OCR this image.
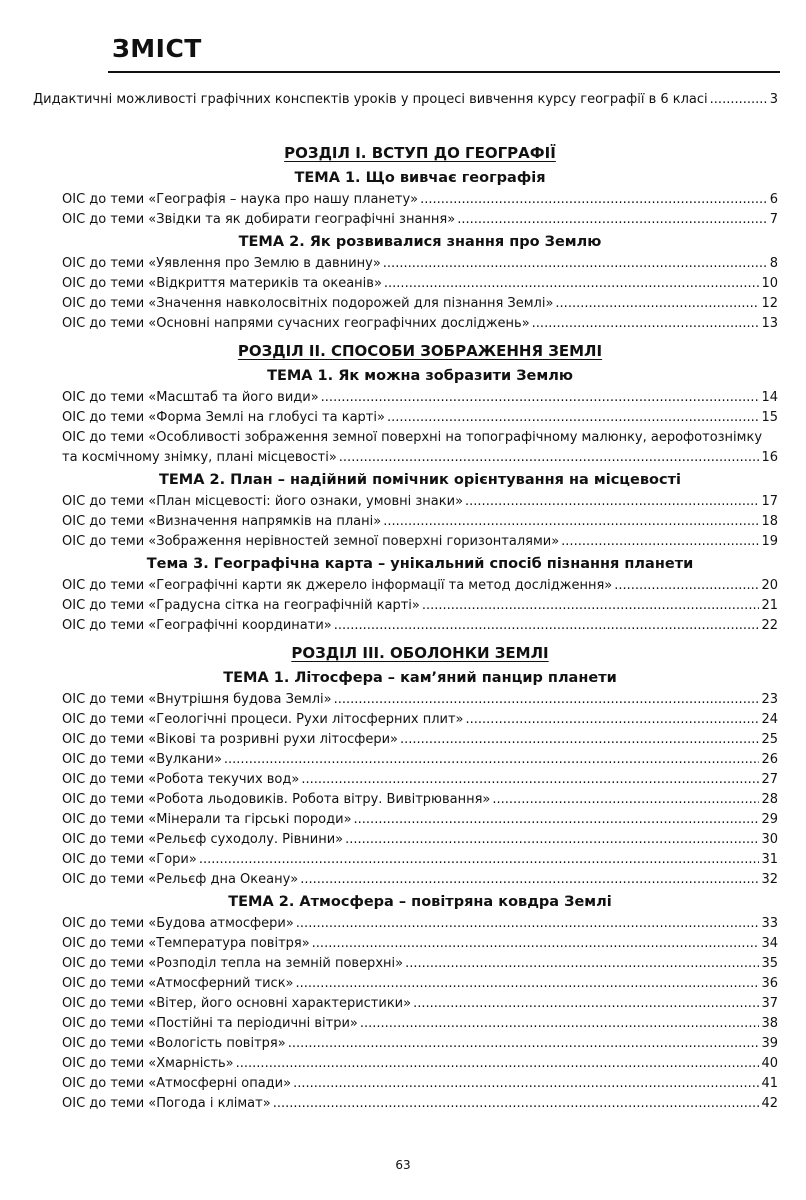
ЗМІСТ
Дидактичні можливості графічних конспектів уроків у процесі вивчення курсу географії в 6 класі .....	3
РОЗДІЛ І. ВСТУП ДО ГЕОГРАФІЇ
ТЕМА 1. Що вивчає географія
ОІС до теми «Географія – наука про нашу планету» .....	6
ОІС до теми «Звідки та як добирати географічні знання» .....	7
ТЕМА 2. Як розвивалися знання про Землю
ОІС до теми «Уявлення про Землю в давнину» .....	8
ОІС до теми «Відкриття материків та океанів» .....	10
ОІС до теми «Значення навколосвітніх подорожей для пізнання Землі» .....	12
ОІС до теми «Основні напрями сучасних географічних досліджень» .....	13
РОЗДІЛ ІІ. СПОСОБИ ЗОБРАЖЕННЯ ЗЕМЛІ
ТЕМА 1. Як можна зобразити Землю
ОІС до теми «Масштаб та його види» .....	14
ОІС до теми «Форма Землі на глобусі та карті» .....	15
ОІС до теми «Особливості зображення земної поверхні на топографічному малюнку, аерофотознімку
та космічному знімку, плані місцевості» .....	16
ТЕМА 2. План – надійний помічник орієнтування на місцевості
ОІС до теми «План місцевості: його ознаки, умовні знаки» .....	17
ОІС до теми «Визначення напрямків на плані» .....	18
ОІС до теми «Зображення нерівностей земної поверхні горизонталями» .....	19
Тема 3. Географічна карта – унікальний спосіб пізнання планети
ОІС до теми «Географічні карти як джерело інформації та метод дослідження» .....	20
ОІС до теми «Градусна сітка на географічній карті» .....	21
ОІС до теми «Географічні координати» .....	22
РОЗДІЛ ІІІ. ОБОЛОНКИ ЗЕМЛІ
ТЕМА 1. Літосфера – кам’яний панцир планети
ОІС до теми «Внутрішня будова Землі» .....	23
ОІС до теми «Геологічні процеси. Рухи літосферних плит» .....	24
ОІС до теми «Вікові та розривні рухи літосфери» .....	25
ОІС до теми «Вулкани» .....	26
ОІС до теми «Робота текучих вод» .....	27
ОІС до теми «Робота льодовиків. Робота вітру. Вивітрювання» .....	28
ОІС до теми «Мінерали та гірські породи» .....	29
ОІС до теми «Рельєф суходолу. Рівнини» .....	30
ОІС до теми «Гори» .....	31
ОІС до теми «Рельєф дна Океану» .....	32
ТЕМА 2. Атмосфера – повітряна ковдра Землі
ОІС до теми «Будова атмосфери» .....	33
ОІС до теми «Температура повітря» .....	34
ОІС до теми «Розподіл тепла на земній поверхні» .....	35
ОІС до теми «Атмосферний тиск» .....	36
ОІС до теми «Вітер, його основні характеристики» .....	37
ОІС до теми «Постійні та періодичні вітри» .....	38
ОІС до теми «Вологість повітря» .....	39
ОІС до теми «Хмарність» .....	40
ОІС до теми «Атмосферні опади» .....	41
ОІС до теми «Погода і клімат» .....	42
63
